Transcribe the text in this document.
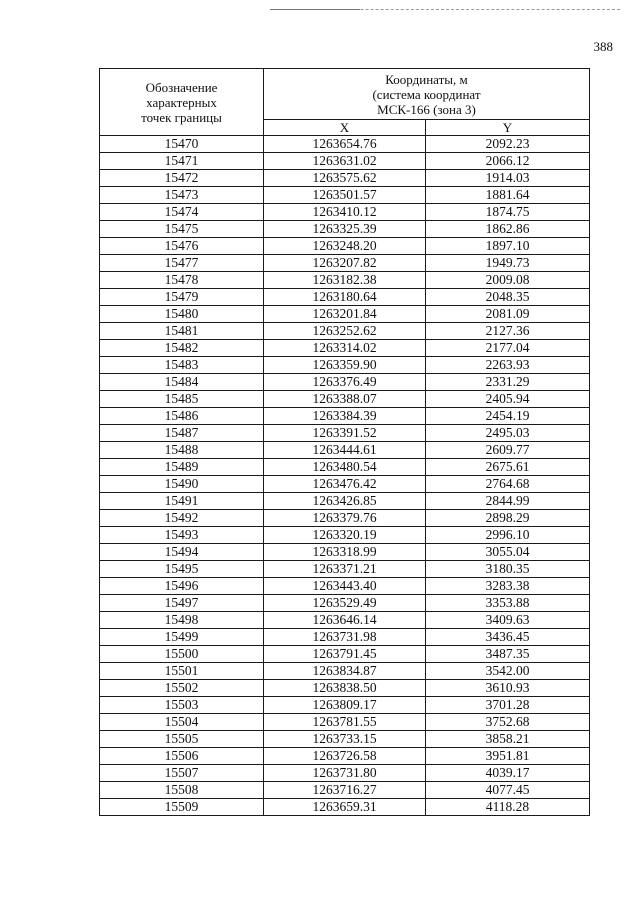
388
Обозначение
характерных
точек границы	Координаты, м
(система координат
МСК-166 (зона 3)	

	X	Y
15470	1263654.76	2092.23
15471	1263631.02	2066.12
15472	1263575.62	1914.03
15473	1263501.57	1881.64
15474	1263410.12	1874.75
15475	1263325.39	1862.86
15476	1263248.20	1897.10
15477	1263207.82	1949.73
15478	1263182.38	2009.08
15479	1263180.64	2048.35
15480	1263201.84	2081.09
15481	1263252.62	2127.36
15482	1263314.02	2177.04
15483	1263359.90	2263.93
15484	1263376.49	2331.29
15485	1263388.07	2405.94
15486	1263384.39	2454.19
15487	1263391.52	2495.03
15488	1263444.61	2609.77
15489	1263480.54	2675.61
15490	1263476.42	2764.68
15491	1263426.85	2844.99
15492	1263379.76	2898.29
15493	1263320.19	2996.10
15494	1263318.99	3055.04
15495	1263371.21	3180.35
15496	1263443.40	3283.38
15497	1263529.49	3353.88
15498	1263646.14	3409.63
15499	1263731.98	3436.45
15500	1263791.45	3487.35
15501	1263834.87	3542.00
15502	1263838.50	3610.93
15503	1263809.17	3701.28
15504	1263781.55	3752.68
15505	1263733.15	3858.21
15506	1263726.58	3951.81
15507	1263731.80	4039.17
15508	1263716.27	4077.45
15509	1263659.31	4118.28
